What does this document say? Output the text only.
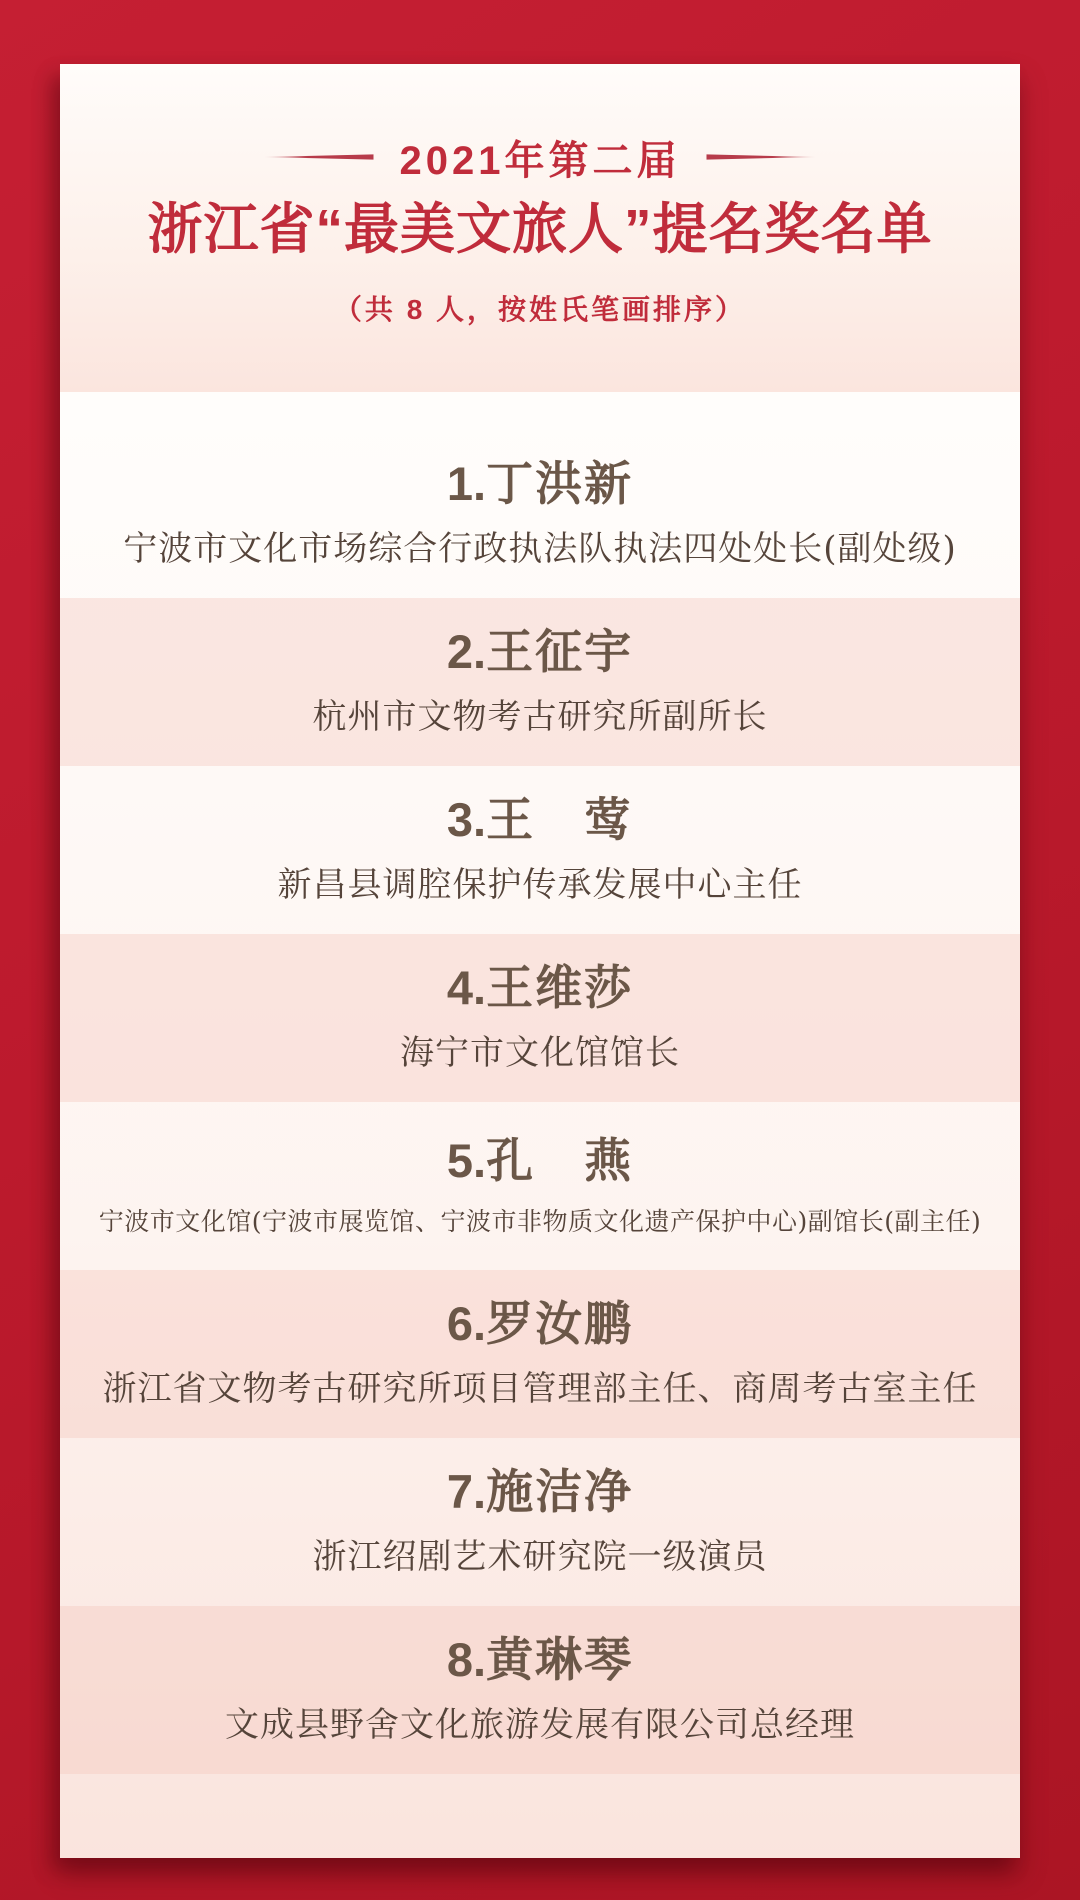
2021年第二届
浙江省“最美文旅人”提名奖名单
（共 8 人，按姓氏笔画排序）
1.丁洪新
宁波市文化市场综合行政执法队执法四处处长(副处级)
2.王征宇
杭州市文物考古研究所副所长
3.王　莺
新昌县调腔保护传承发展中心主任
4.王维莎
海宁市文化馆馆长
5.孔　燕
宁波市文化馆(宁波市展览馆、宁波市非物质文化遗产保护中心)副馆长(副主任)
6.罗汝鹏
浙江省文物考古研究所项目管理部主任、商周考古室主任
7.施洁净
浙江绍剧艺术研究院一级演员
8.黄琳琴
文成县野舍文化旅游发展有限公司总经理
